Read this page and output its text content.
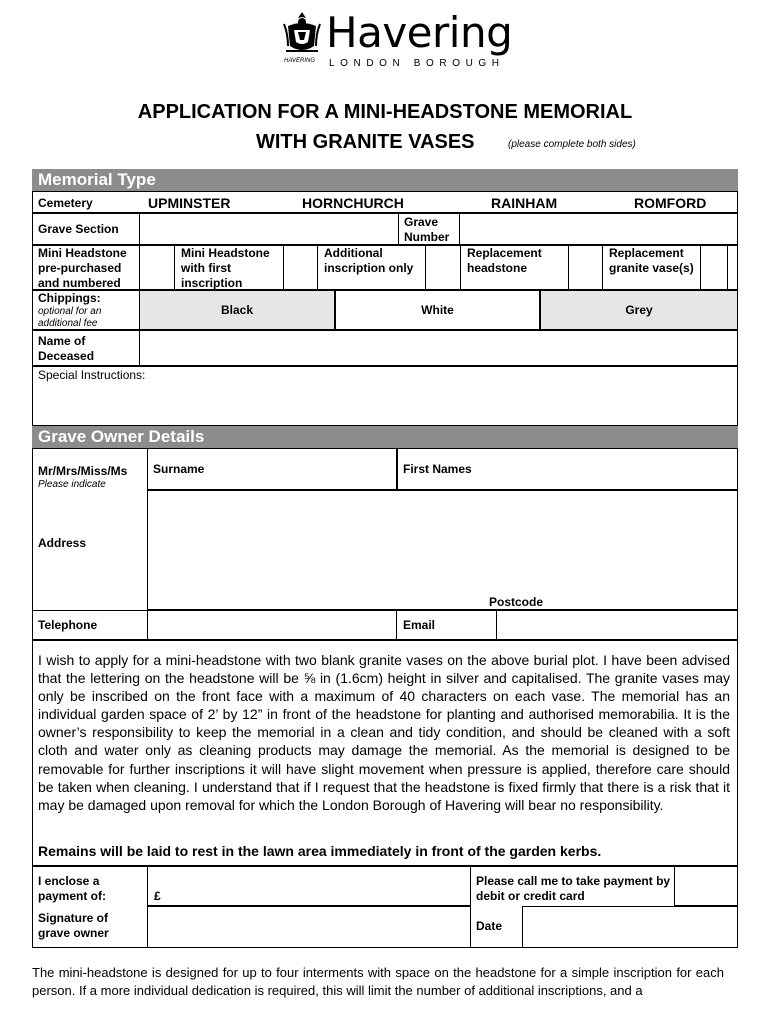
HAVERING
Havering
LONDON BOROUGH
APPLICATION FOR A MINI-HEADSTONE MEMORIAL
WITH GRANITE VASES	(please complete both sides)
Memorial Type
Cemetery	UPMINSTER	HORNCHURCH	RAINHAM	ROMFORD
Grave Section	Grave Number
Mini Headstone pre-purchased and numbered
Mini Headstone with first inscription
Additional inscription only
Replacement headstone
Replacement granite vase(s)
Chippings:
optional for an additional fee
Black	White	Grey
Name of Deceased
Special Instructions:
Grave Owner Details
Mr/Mrs/Miss/Ms
Please indicate
Surname	First Names
Address
Postcode
Telephone	Email
I wish to apply for a mini-headstone with two blank granite vases on the above burial plot. I have been advised that the lettering on the headstone will be ⅝ in (1.6cm) height in silver and capitalised. The granite vases may only be inscribed on the front face with a maximum of 40 characters on each vase. The memorial has an individual garden space of 2’ by 12” in front of the headstone for planting and authorised memorabilia. It is the owner’s responsibility to keep the memorial in a clean and tidy condition, and should be cleaned with a soft cloth and water only as cleaning products may damage the memorial. As the memorial is designed to be removable for further inscriptions it will have slight movement when pressure is applied, therefore care should be taken when cleaning. I understand that if I request that the headstone is fixed firmly that there is a risk that it may be damaged upon removal for which the London Borough of Havering will bear no responsibility.
Remains will be laid to rest in the lawn area immediately in front of the garden kerbs.
I enclose a payment of:	£
Please call me to take payment by debit or credit card
Signature of grave owner	Date
The mini-headstone is designed for up to four interments with space on the headstone for a simple inscription for each person. If a more individual dedication is required, this will limit the number of additional inscriptions, and a
